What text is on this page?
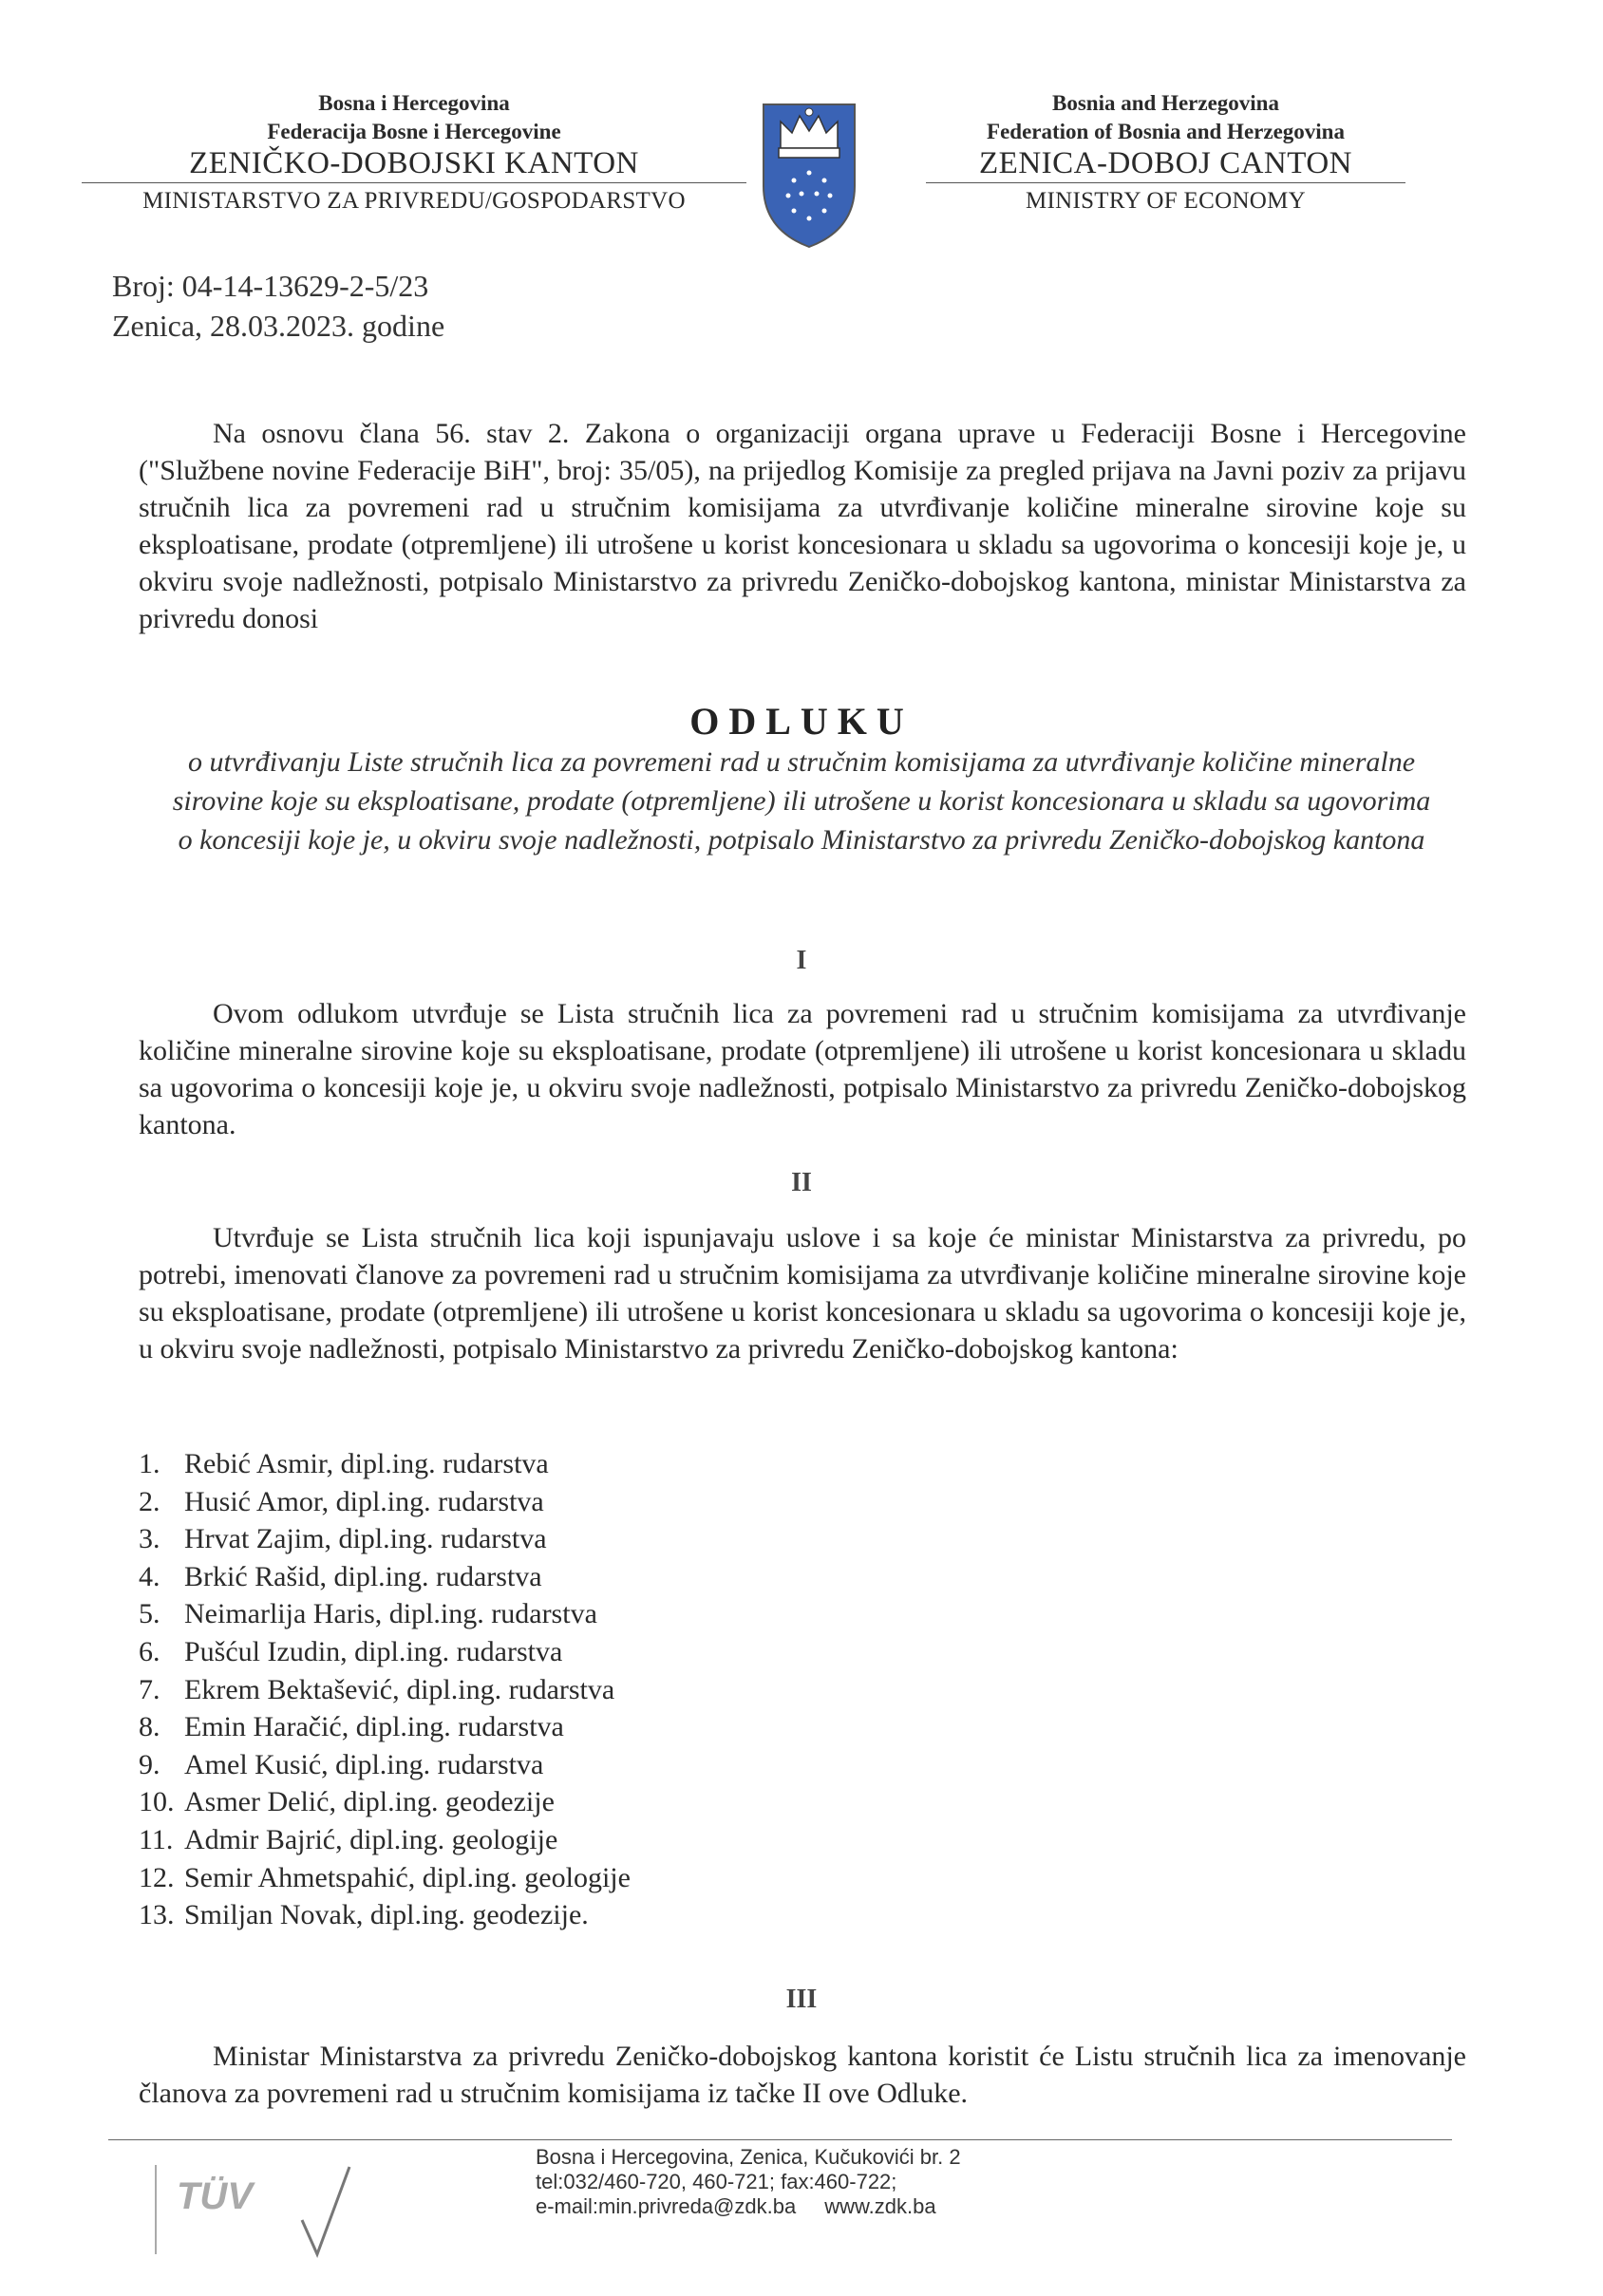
Bosna i Hercegovina
Federacija Bosne i Hercegovine
ZENIČKO-DOBOJSKI KANTON
MINISTARSTVO ZA PRIVREDU/GOSPODARSTVO
Bosnia and Herzegovina
Federation of Bosnia and Herzegovina
ZENICA-DOBOJ CANTON
MINISTRY OF ECONOMY
Broj: 04-14-13629-2-5/23
Zenica, 28.03.2023. godine
Na osnovu člana 56. stav 2. Zakona o organizaciji organa uprave u Federaciji Bosne i Hercegovine ("Službene novine Federacije BiH", broj: 35/05), na prijedlog Komisije za pregled prijava na Javni poziv za prijavu stručnih lica za povremeni rad u stručnim komisijama za utvrđivanje količine mineralne sirovine koje su eksploatisane, prodate (otpremljene) ili utrošene u korist koncesionara u skladu sa ugovorima o koncesiji koje je, u okviru svoje nadležnosti, potpisalo Ministarstvo za privredu Zeničko-dobojskog kantona, ministar Ministarstva za privredu donosi
ODLUKU
o utvrđivanju Liste stručnih lica za povremeni rad u stručnim komisijama za utvrđivanje količine mineralne sirovine koje su eksploatisane, prodate (otpremljene) ili utrošene u korist koncesionara u skladu sa ugovorima o koncesiji koje je, u okviru svoje nadležnosti, potpisalo Ministarstvo za privredu Zeničko-dobojskog kantona
I
Ovom odlukom utvrđuje se Lista stručnih lica za povremeni rad u stručnim komisijama za utvrđivanje količine mineralne sirovine koje su eksploatisane, prodate (otpremljene) ili utrošene u korist koncesionara u skladu sa ugovorima o koncesiji koje je, u okviru svoje nadležnosti, potpisalo Ministarstvo za privredu Zeničko-dobojskog kantona.
II
Utvrđuje se Lista stručnih lica koji ispunjavaju uslove i sa koje će ministar Ministarstva za privredu, po potrebi, imenovati članove za povremeni rad u stručnim komisijama za utvrđivanje količine mineralne sirovine koje su eksploatisane, prodate (otpremljene) ili utrošene u korist koncesionara u skladu sa ugovorima o koncesiji koje je, u okviru svoje nadležnosti, potpisalo Ministarstvo za privredu Zeničko-dobojskog kantona:
1. Rebić Asmir, dipl.ing. rudarstva
2. Husić Amor, dipl.ing. rudarstva
3. Hrvat Zajim, dipl.ing. rudarstva
4. Brkić Rašid, dipl.ing. rudarstva
5. Neimarlija Haris, dipl.ing. rudarstva
6. Pušćul Izudin, dipl.ing. rudarstva
7. Ekrem Bektašević, dipl.ing. rudarstva
8. Emin Haračić, dipl.ing. rudarstva
9. Amel Kusić, dipl.ing. rudarstva
10. Asmer Delić, dipl.ing. geodezije
11. Admir Bajrić, dipl.ing. geologije
12. Semir Ahmetspahić, dipl.ing. geologije
13. Smiljan Novak, dipl.ing. geodezije.
III
Ministar Ministarstva za privredu Zeničko-dobojskog kantona koristit će Listu stručnih lica za imenovanje članova za povremeni rad u stručnim komisijama iz tačke II ove Odluke.
TÜV
Bosna i Hercegovina, Zenica, Kučukovići br. 2
tel:032/460-720, 460-721; fax:460-722;
e-mail:min.privreda@zdk.ba www.zdk.ba
